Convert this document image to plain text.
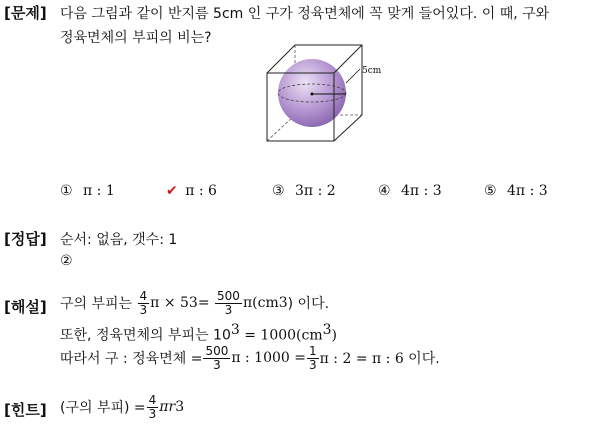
[문제] 다음 그림과 같이 반지름 5cm 인 구가 정육면체에 꼭 맞게 들어있다. 이 때, 구와
정육면체의 부피의 비는?
5cm
① π : 1	✔ π : 6	③ 3π : 2	④ 4π : 3	⑤ 4π : 3
[정답] 순서: 없음, 갯수: 1
②
[해설] 구의 부피는
$\frac{4}{3}$ π × 5 3 =
$\frac{500}{3} \pi(cm$ 3 ) 이다.
또한, 정육면체의 부피는 $10^3 = 1000(cm^3)$
따라서 구 : 정육면체 = $\frac{500}{3}$ π : $1000 = \frac{1}{3}$ π : 2 = π : 6 이다.
[힌트] (구의 부피) = $\frac{4}{3}$ πr 3
